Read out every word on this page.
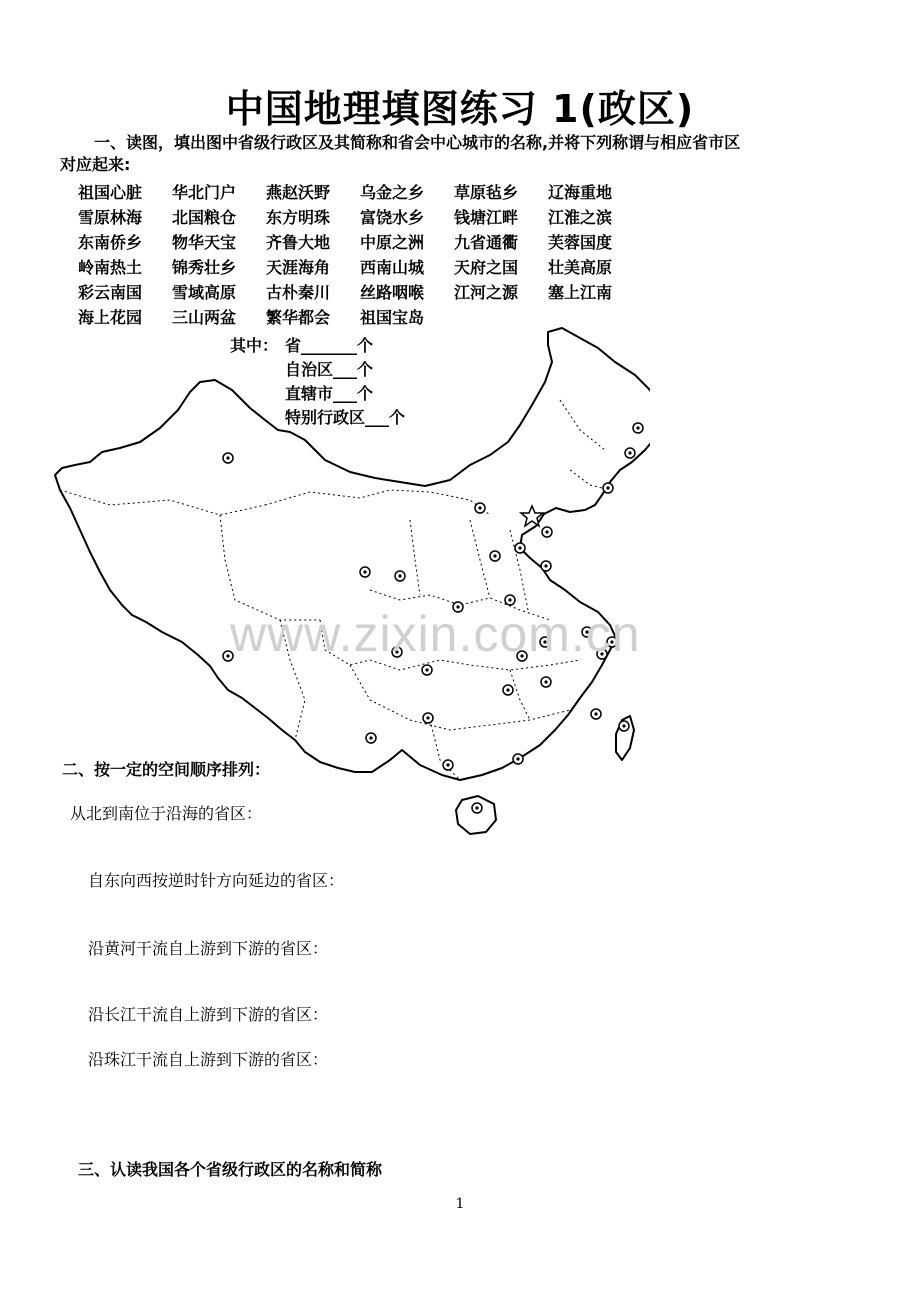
中国地理填图练习 1(政区)
一、读图，填出图中省级行政区及其简称和省会中心城市的名称,并将下列称谓与相应省市区
对应起来:
祖国心脏	华北门户	燕赵沃野	乌金之乡	草原毡乡	辽海重地
雪原林海	北国粮仓	东方明珠	富饶水乡	钱塘江畔	江淮之滨
东南侨乡	物华天宝	齐鲁大地	中原之洲	九省通衢	芙蓉国度
岭南热土	锦秀壮乡	天涯海角	西南山城	天府之国	壮美高原
彩云南国	雪域高原	古朴秦川	丝路咽喉	江河之源	塞上江南
海上花园	三山两盆	繁华都会	祖国宝岛
其中： 省_______个
自治区___个
直辖市___个
特别行政区___个
www.zixin.com.cn
二、按一定的空间顺序排列：
从北到南位于沿海的省区：
自东向西按逆时针方向延边的省区：
沿黄河干流自上游到下游的省区：
沿长江干流自上游到下游的省区：
沿珠江干流自上游到下游的省区：
三、认读我国各个省级行政区的名称和简称
1
